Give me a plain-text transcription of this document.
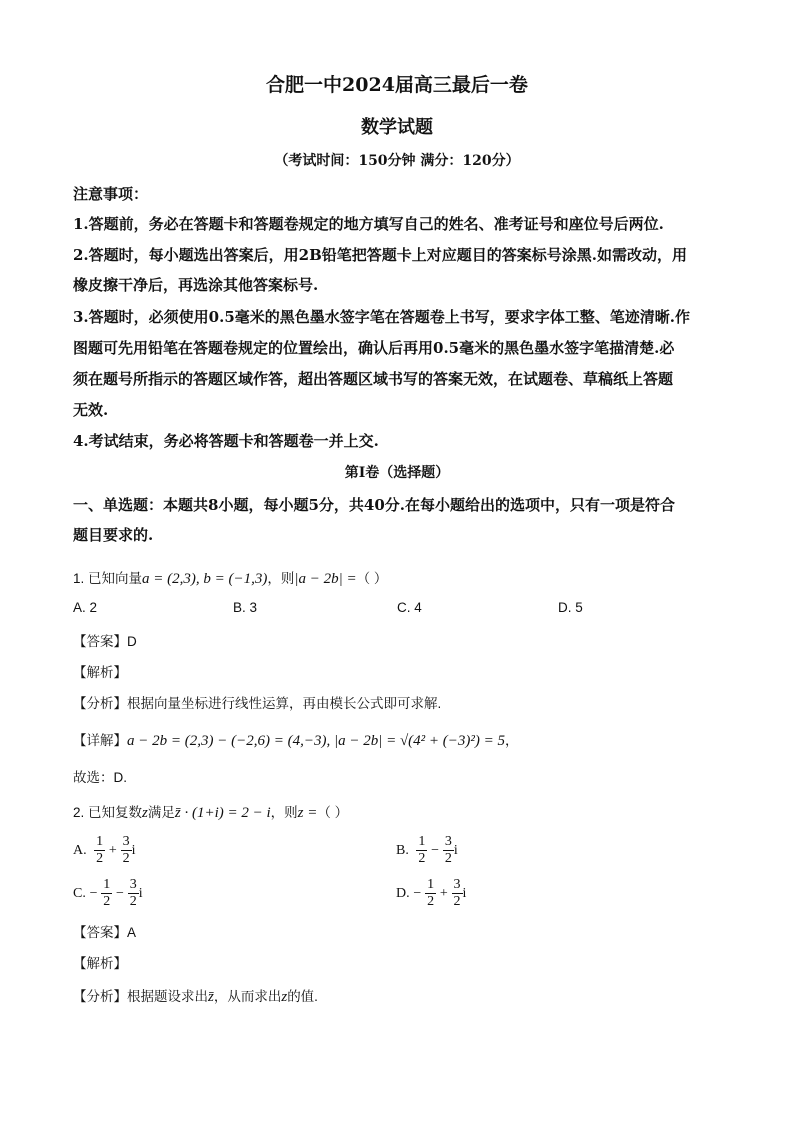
合肥一中2024届高三最后一卷
数学试题
（考试时间：150分钟 满分：120分）
注意事项：
1.答题前，务必在答题卡和答题卷规定的地方填写自己的姓名、准考证号和座位号后两位.
2.答题时，每小题选出答案后，用2B铅笔把答题卡上对应题目的答案标号涂黑.如需改动，用
橡皮擦干净后，再选涂其他答案标号.
3.答题时，必须使用0.5毫米的黑色墨水签字笔在答题卷上书写，要求字体工整、笔迹清晰.作
图题可先用铅笔在答题卷规定的位置绘出，确认后再用0.5毫米的黑色墨水签字笔描清楚.必
须在题号所指示的答题区域作答，超出答题区域书写的答案无效，在试题卷、草稿纸上答题
无效.
4.考试结束，务必将答题卡和答题卷一并上交.
第Ⅰ卷（选择题）
一、单选题：本题共8小题，每小题5分，共40分.在每小题给出的选项中，只有一项是符合
题目要求的.
1. 已知向量a = (2,3), b = (−1,3)，则|a − 2b| =（ ）
A. 2	B. 3	C. 4	D. 5
【答案】D
【解析】
【分析】根据向量坐标进行线性运算，再由模长公式即可求解.
【详解】a − 2b = (2,3) − (−2,6) = (4,−3), |a − 2b| = √(4² + (−3)²) = 5，
故选：D.
2. 已知复数z满足z̄ · (1+i) = 2 − i，则z =（ ）
A. $\frac{1}{2} + \frac{3}{2}$ i	B. $\frac{1}{2} - \frac{3}{2}$ i
C. − $\frac{1}{2} - \frac{3}{2}$ i	D. − $\frac{1}{2} + \frac{3}{2}$ i
【答案】A
【解析】
【分析】根据题设求出z̄，从而求出z的值.
